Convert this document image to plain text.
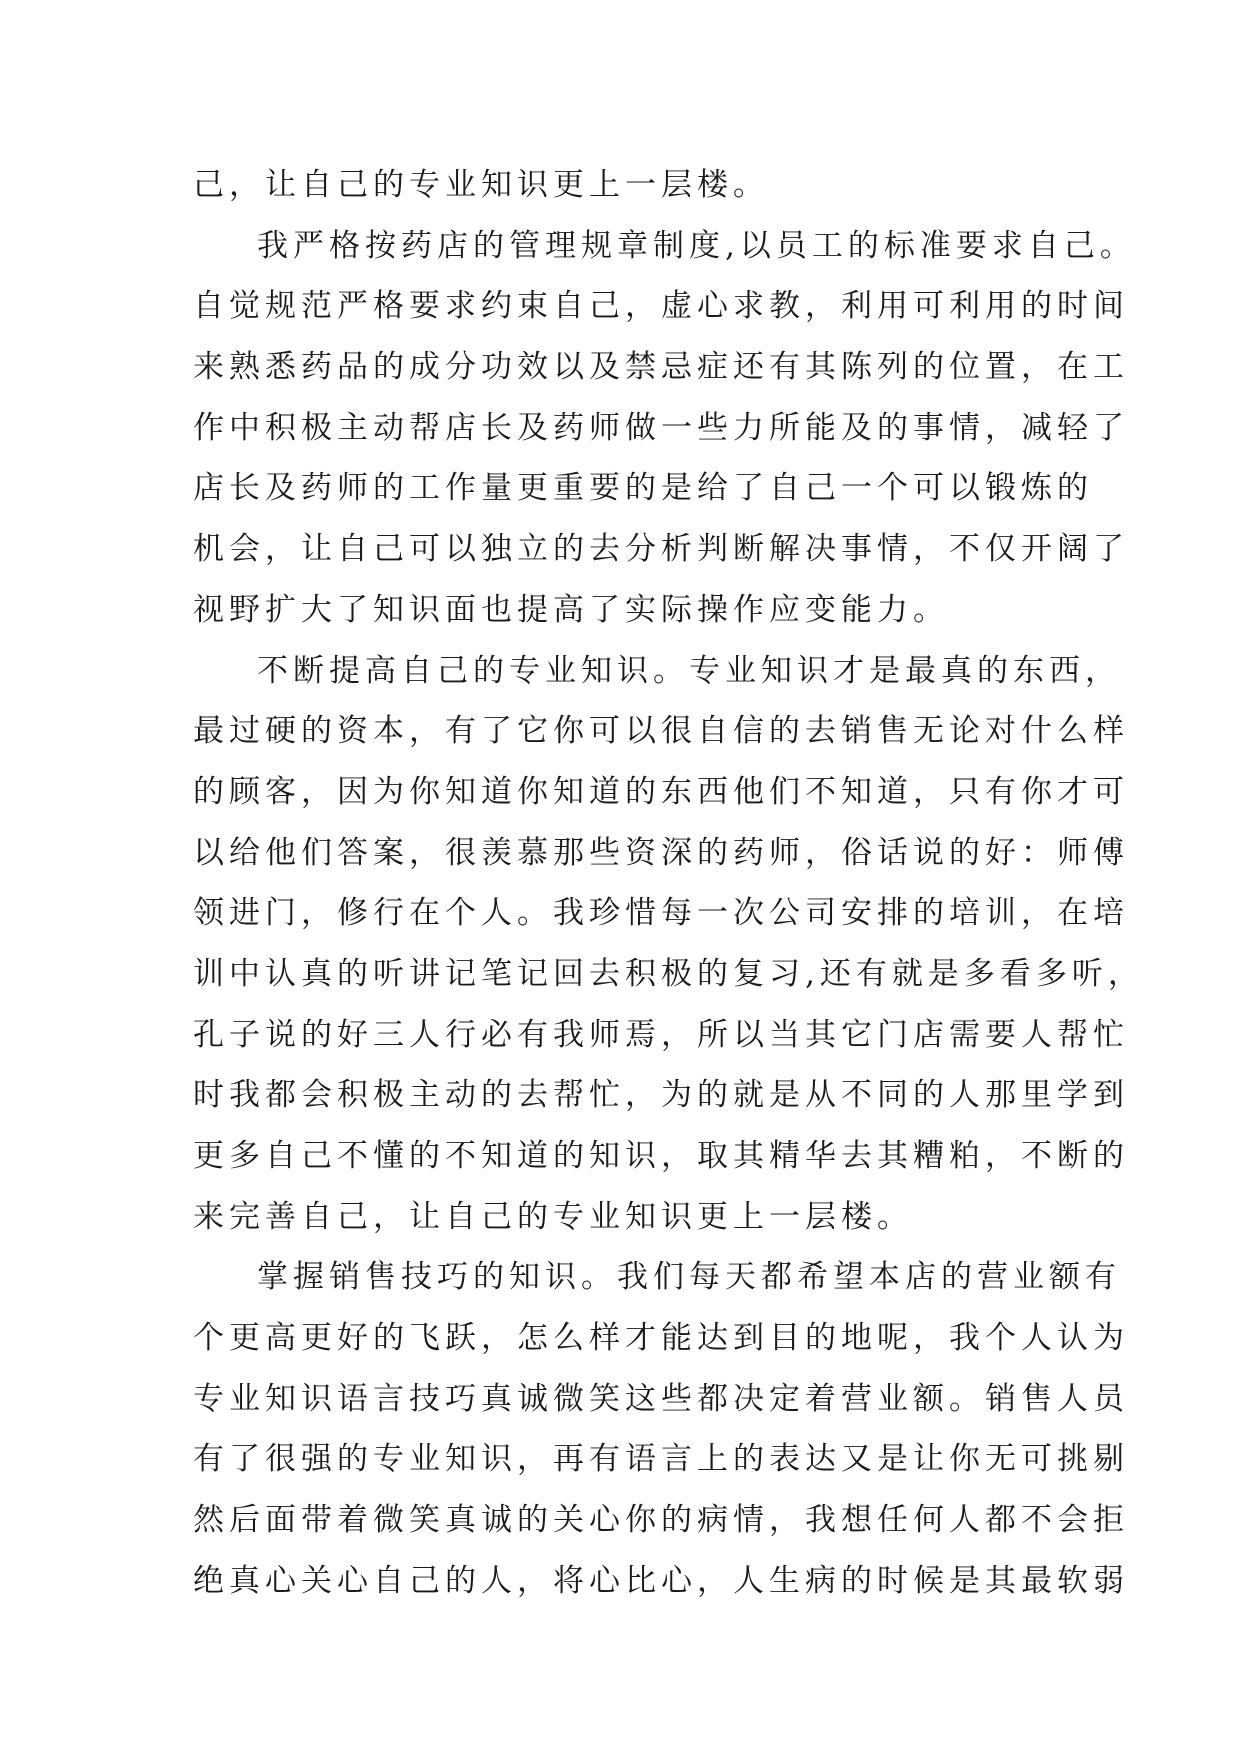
己，让自己的专业知识更上一层楼。
我严格按药店的管理规章制度,以员工的标准要求自己。
自觉规范严格要求约束自己，虚心求教，利用可利用的时间
来熟悉药品的成分功效以及禁忌症还有其陈列的位置，在工
作中积极主动帮店长及药师做一些力所能及的事情，减轻了
店长及药师的工作量更重要的是给了自己一个可以锻炼的
机会，让自己可以独立的去分析判断解决事情，不仅开阔了
视野扩大了知识面也提高了实际操作应变能力。
不断提高自己的专业知识。专业知识才是最真的东西，
最过硬的资本，有了它你可以很自信的去销售无论对什么样
的顾客，因为你知道你知道的东西他们不知道，只有你才可
以给他们答案，很羡慕那些资深的药师，俗话说的好：师傅
领进门，修行在个人。我珍惜每一次公司安排的培训，在培
训中认真的听讲记笔记回去积极的复习,还有就是多看多听，
孔子说的好三人行必有我师焉，所以当其它门店需要人帮忙
时我都会积极主动的去帮忙，为的就是从不同的人那里学到
更多自己不懂的不知道的知识，取其精华去其糟粕，不断的
来完善自己，让自己的专业知识更上一层楼。
掌握销售技巧的知识。我们每天都希望本店的营业额有
个更高更好的飞跃，怎么样才能达到目的地呢，我个人认为
专业知识语言技巧真诚微笑这些都决定着营业额。销售人员
有了很强的专业知识，再有语言上的表达又是让你无可挑剔
然后面带着微笑真诚的关心你的病情，我想任何人都不会拒
绝真心关心自己的人，将心比心，人生病的时候是其最软弱
